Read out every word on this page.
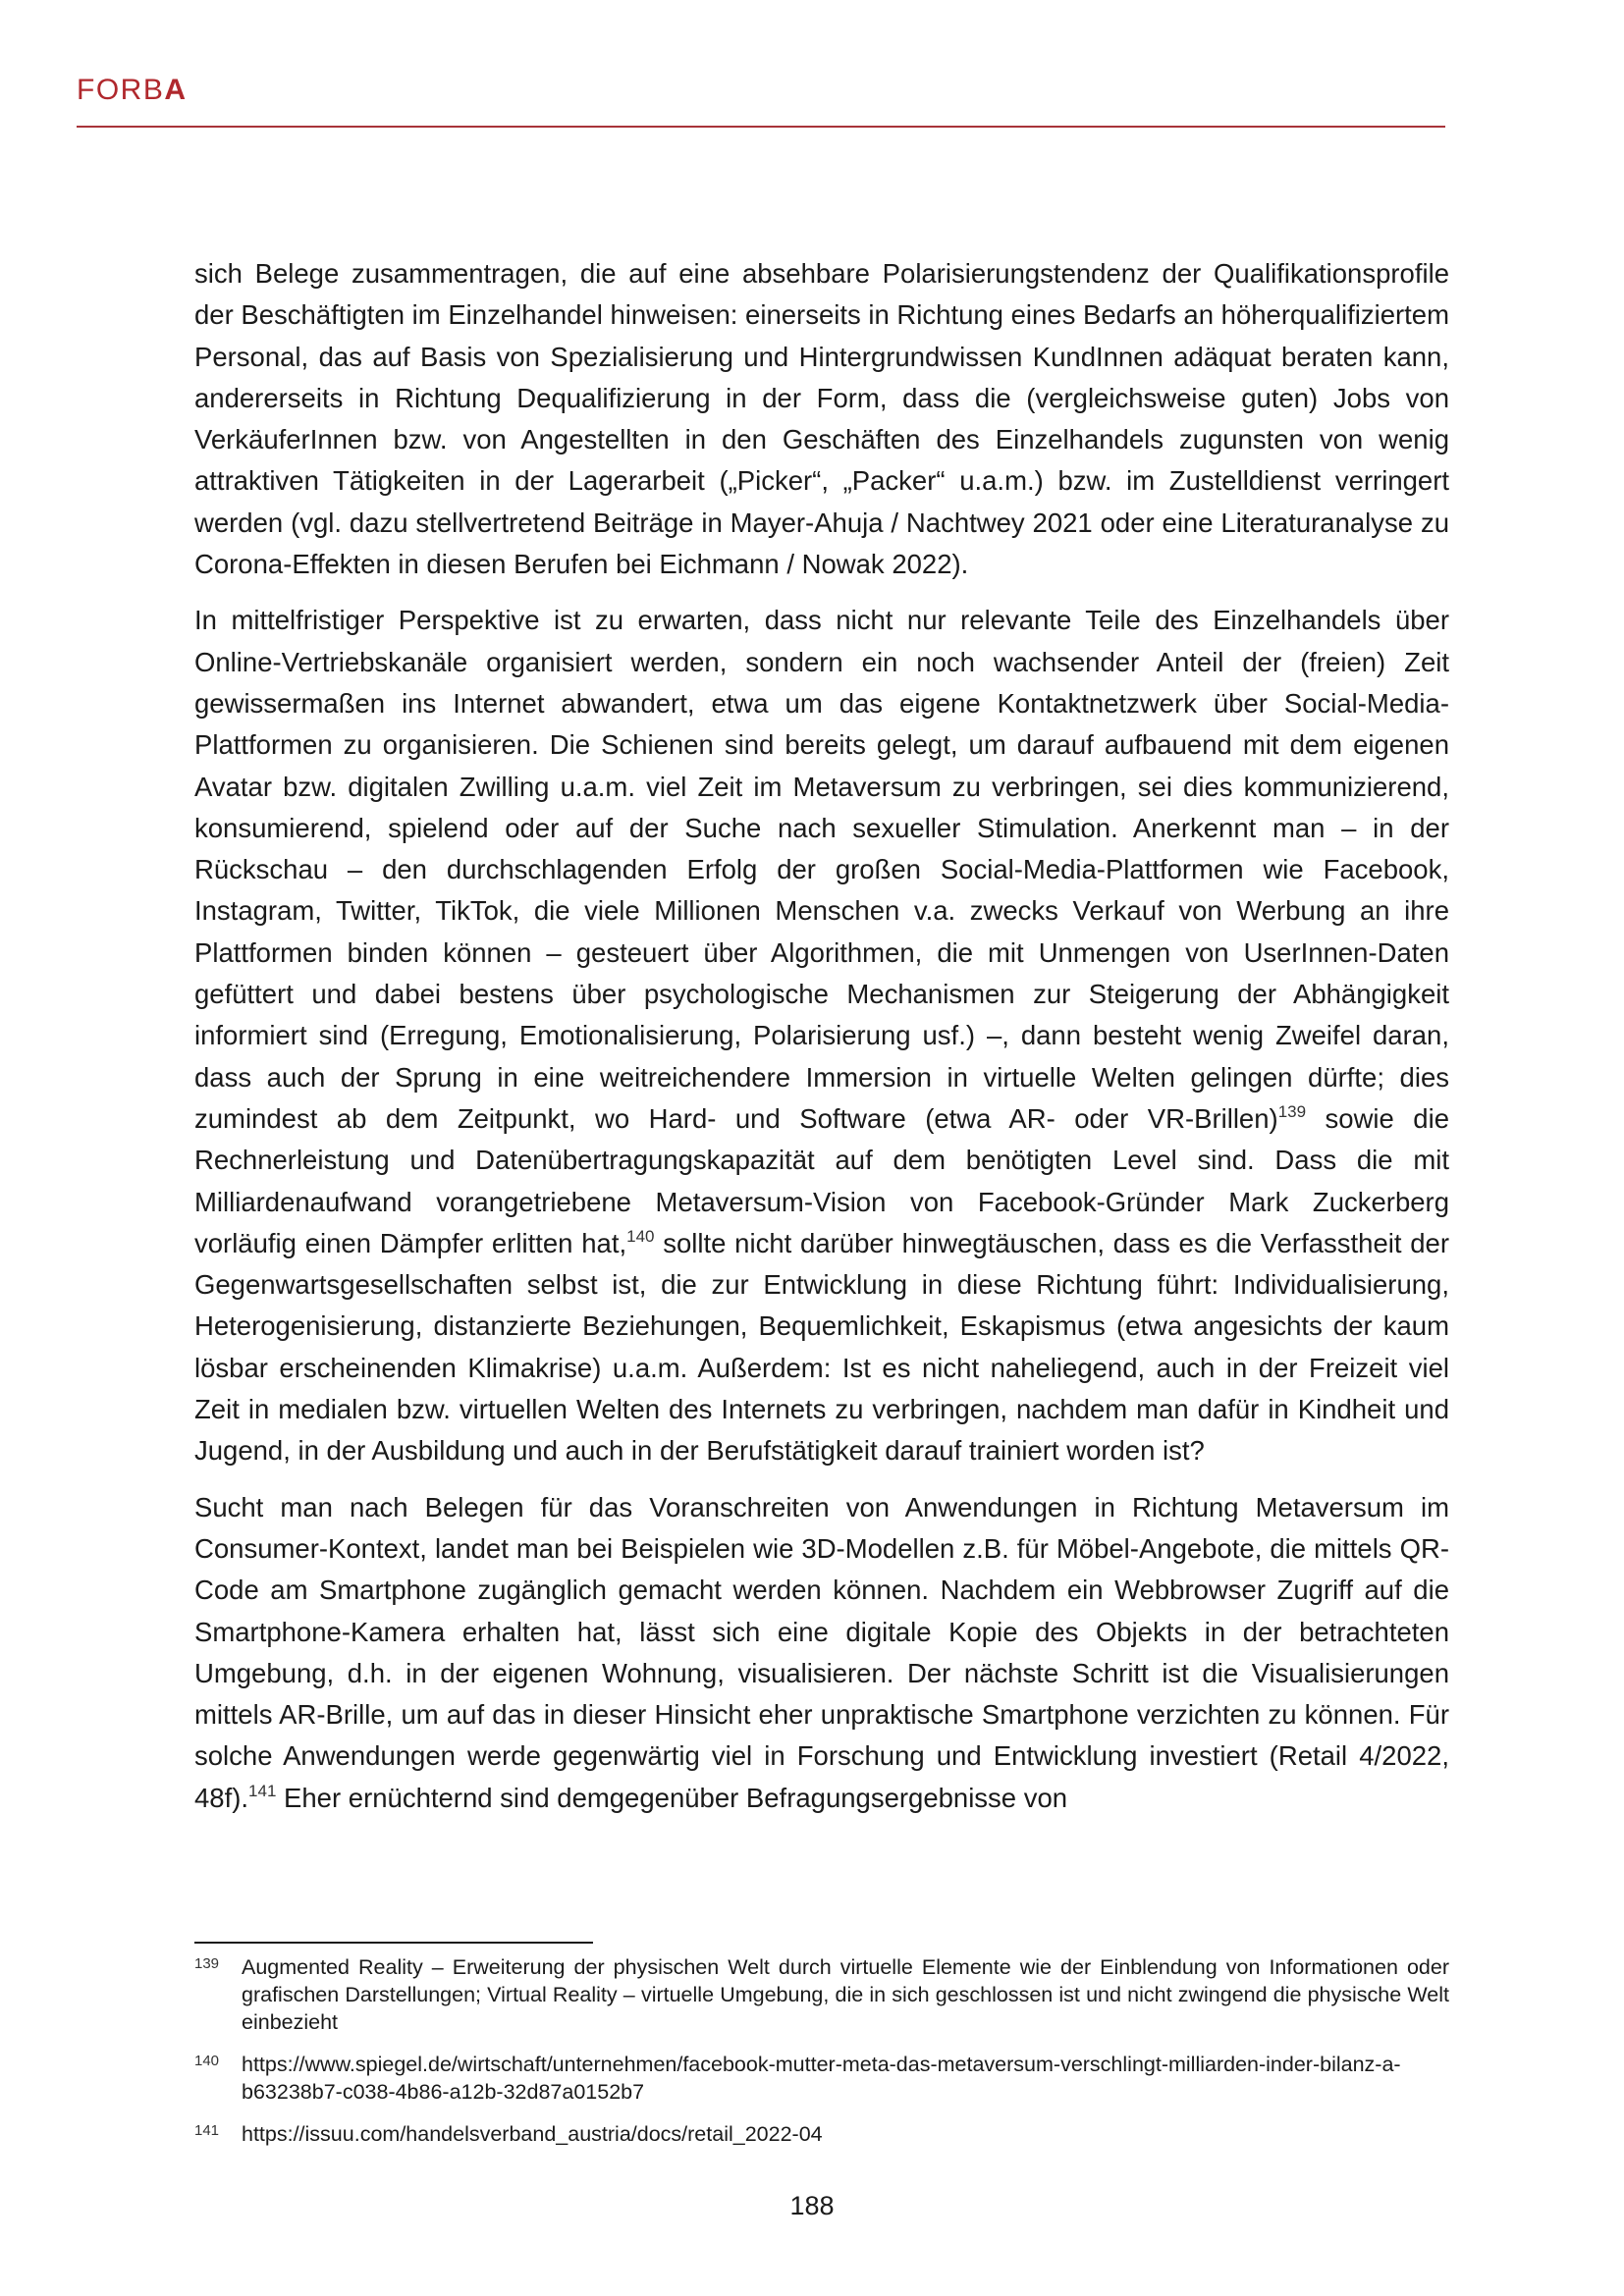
FORBA

sich Belege zusammentragen, die auf eine absehbare Polarisierungstendenz der Qualifikationsprofile der Beschäftigten im Einzelhandel hinweisen: einerseits in Richtung eines Bedarfs an höherqualifiziertem Personal, das auf Basis von Spezialisierung und Hintergrundwissen KundInnen adäquat beraten kann, andererseits in Richtung Dequalifizierung in der Form, dass die (vergleichsweise guten) Jobs von VerkäuferInnen bzw. von Angestellten in den Geschäften des Einzelhandels zugunsten von wenig attraktiven Tätigkeiten in der Lagerarbeit („Picker“, „Packer“ u.a.m.) bzw. im Zustelldienst verringert werden (vgl. dazu stellvertretend Beiträge in Mayer-Ahuja / Nachtwey 2021 oder eine Literaturanalyse zu Corona-Effekten in diesen Berufen bei Eichmann / Nowak 2022).

In mittelfristiger Perspektive ist zu erwarten, dass nicht nur relevante Teile des Einzelhandels über Online-Vertriebskanäle organisiert werden, sondern ein noch wachsender Anteil der (freien) Zeit gewissermaßen ins Internet abwandert, etwa um das eigene Kontaktnetzwerk über Social-Media-Plattformen zu organisieren. Die Schienen sind bereits gelegt, um darauf aufbauend mit dem eigenen Avatar bzw. digitalen Zwilling u.a.m. viel Zeit im Metaversum zu verbringen, sei dies kommunizierend, konsumierend, spielend oder auf der Suche nach sexueller Stimulation. Anerkennt man – in der Rückschau – den durchschlagenden Erfolg der großen Social-Media-Plattformen wie Facebook, Instagram, Twitter, TikTok, die viele Millionen Menschen v.a. zwecks Verkauf von Werbung an ihre Plattformen binden können – gesteuert über Algorithmen, die mit Unmengen von UserInnen-Daten gefüttert und dabei bestens über psychologische Mechanismen zur Steigerung der Abhängigkeit informiert sind (Erregung, Emotionalisierung, Polarisierung usf.) –, dann besteht wenig Zweifel daran, dass auch der Sprung in eine weitreichendere Immersion in virtuelle Welten gelingen dürfte; dies zumindest ab dem Zeitpunkt, wo Hard- und Software (etwa AR- oder VR-Brillen)$^{139}$ sowie die Rechnerleistung und Datenübertragungskapazität auf dem benötigten Level sind. Dass die mit Milliardenaufwand vorangetriebene Metaversum-Vision von Facebook-Gründer Mark Zuckerberg vorläufig einen Dämpfer erlitten hat,$^{140}$ sollte nicht darüber hinwegtäuschen, dass es die Verfasstheit der Gegenwartsgesellschaften selbst ist, die zur Entwicklung in diese Richtung führt: Individualisierung, Heterogenisierung, distanzierte Beziehungen, Bequemlichkeit, Eskapismus (etwa angesichts der kaum lösbar erscheinenden Klimakrise) u.a.m. Außerdem: Ist es nicht naheliegend, auch in der Freizeit viel Zeit in medialen bzw. virtuellen Welten des Internets zu verbringen, nachdem man dafür in Kindheit und Jugend, in der Ausbildung und auch in der Berufstätigkeit darauf trainiert worden ist?

Sucht man nach Belegen für das Voranschreiten von Anwendungen in Richtung Metaversum im Consumer-Kontext, landet man bei Beispielen wie 3D-Modellen z.B. für Möbel-Angebote, die mittels QR-Code am Smartphone zugänglich gemacht werden können. Nachdem ein Webbrowser Zugriff auf die Smartphone-Kamera erhalten hat, lässt sich eine digitale Kopie des Objekts in der betrachteten Umgebung, d.h. in der eigenen Wohnung, visualisieren. Der nächste Schritt ist die Visualisierungen mittels AR-Brille, um auf das in dieser Hinsicht eher unpraktische Smartphone verzichten zu können. Für solche Anwendungen werde gegenwärtig viel in Forschung und Entwicklung investiert (Retail 4/2022, 48f).$^{141}$ Eher ernüchternd sind demgegenüber Befragungsergebnisse von

139	Augmented Reality – Erweiterung der physischen Welt durch virtuelle Elemente wie der Einblendung von Informationen oder grafischen Darstellungen; Virtual Reality – virtuelle Umgebung, die in sich geschlossen ist und nicht zwingend die physische Welt einbezieht
140	https://www.spiegel.de/wirtschaft/unternehmen/facebook-mutter-meta-das-metaversum-verschlingt-milliarden-inder-bilanz-a-b63238b7-c038-4b86-a12b-32d87a0152b7
141	https://issuu.com/handelsverband_austria/docs/retail_2022-04
188
